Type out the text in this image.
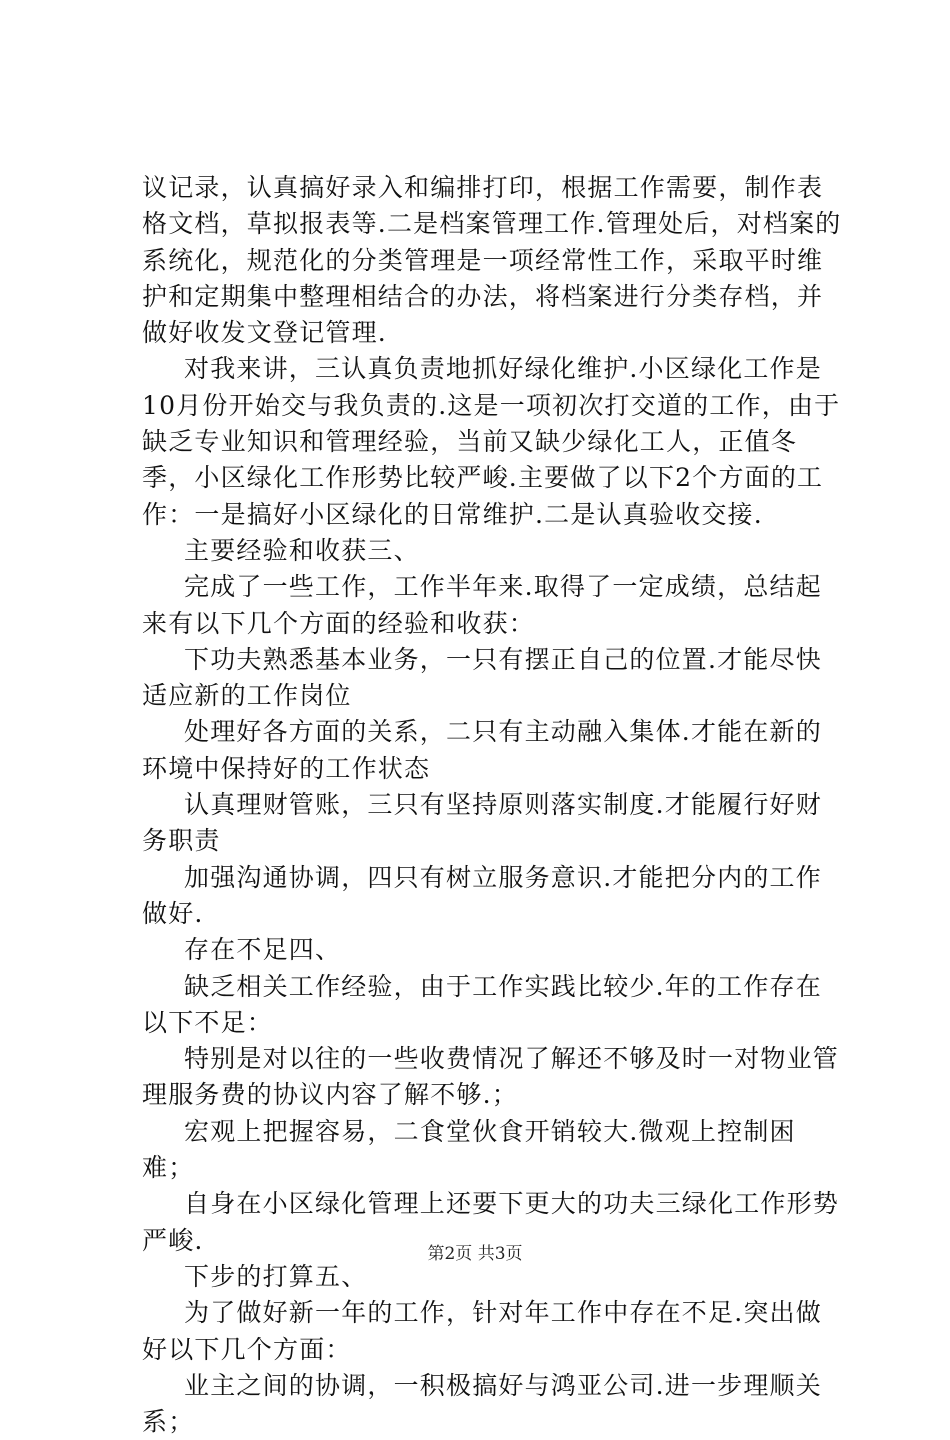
议记录，认真搞好录入和编排打印，根据工作需要，制作表格文档，草拟报表等.二是档案管理工作.管理处后，对档案的系统化，规范化的分类管理是一项经常性工作，采取平时维护和定期集中整理相结合的办法，将档案进行分类存档，并做好收发文登记管理.

对我来讲，三认真负责地抓好绿化维护.小区绿化工作是10月份开始交与我负责的.这是一项初次打交道的工作，由于缺乏专业知识和管理经验，当前又缺少绿化工人，正值冬季，小区绿化工作形势比较严峻.主要做了以下2个方面的工作：一是搞好小区绿化的日常维护.二是认真验收交接.

主要经验和收获三、

完成了一些工作，工作半年来.取得了一定成绩，总结起来有以下几个方面的经验和收获：

下功夫熟悉基本业务，一只有摆正自己的位置.才能尽快适应新的工作岗位

处理好各方面的关系，二只有主动融入集体.才能在新的环境中保持好的工作状态

认真理财管账，三只有坚持原则落实制度.才能履行好财务职责

加强沟通协调，四只有树立服务意识.才能把分内的工作做好.

存在不足四、

缺乏相关工作经验，由于工作实践比较少.年的工作存在以下不足：

特别是对以往的一些收费情况了解还不够及时一对物业管理服务费的协议内容了解不够.；

宏观上把握容易，二食堂伙食开销较大.微观上控制困难；

自身在小区绿化管理上还要下更大的功夫三绿化工作形势严峻.

下步的打算五、

为了做好新一年的工作，针对年工作中存在不足.突出做好以下几个方面：

业主之间的协调，一积极搞好与鸿亚公司.进一步理顺关系；

第2页 共3页
